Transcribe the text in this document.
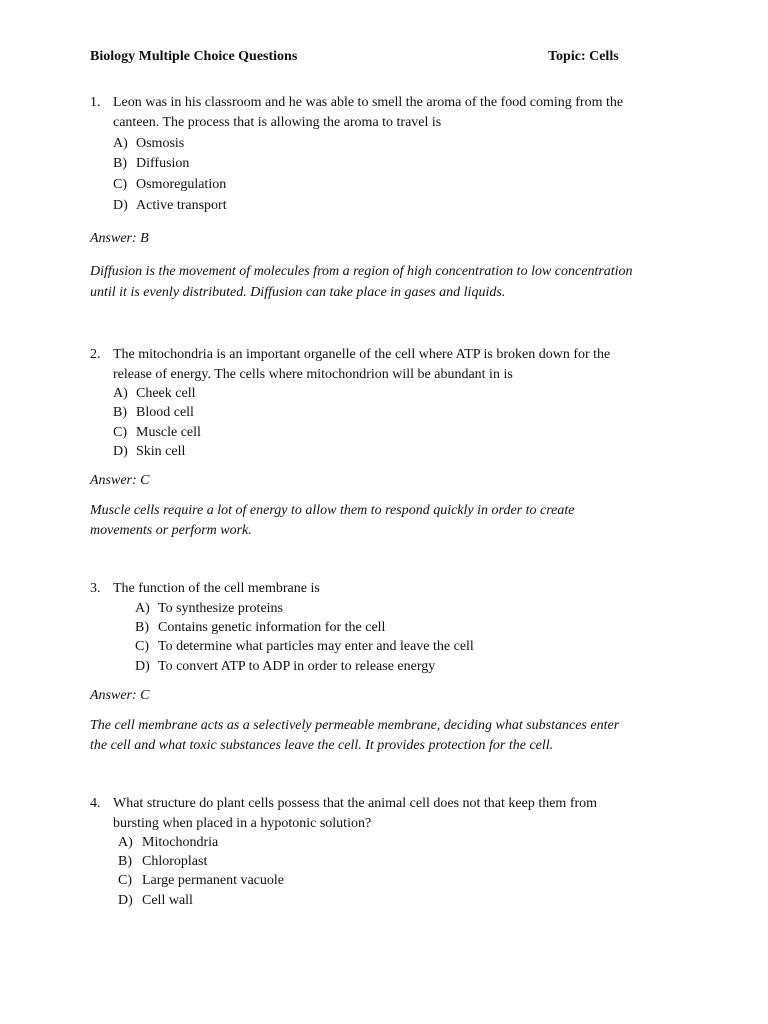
Biology Multiple Choice Questions	Topic: Cells
1. Leon was in his classroom and he was able to smell the aroma of the food coming from the
canteen. The process that is allowing the aroma to travel is
A) Osmosis
B) Diffusion
C) Osmoregulation
D) Active transport
Answer: B
Diffusion is the movement of molecules from a region of high concentration to low concentration
until it is evenly distributed. Diffusion can take place in gases and liquids.
2. The mitochondria is an important organelle of the cell where ATP is broken down for the
release of energy. The cells where mitochondrion will be abundant in is
A) Cheek cell
B) Blood cell
C) Muscle cell
D) Skin cell
Answer: C
Muscle cells require a lot of energy to allow them to respond quickly in order to create
movements or perform work.
3. The function of the cell membrane is
A) To synthesize proteins
B) Contains genetic information for the cell
C) To determine what particles may enter and leave the cell
D) To convert ATP to ADP in order to release energy
Answer: C
The cell membrane acts as a selectively permeable membrane, deciding what substances enter
the cell and what toxic substances leave the cell. It provides protection for the cell.
4. What structure do plant cells possess that the animal cell does not that keep them from
bursting when placed in a hypotonic solution?
A) Mitochondria
B) Chloroplast
C) Large permanent vacuole
D) Cell wall
